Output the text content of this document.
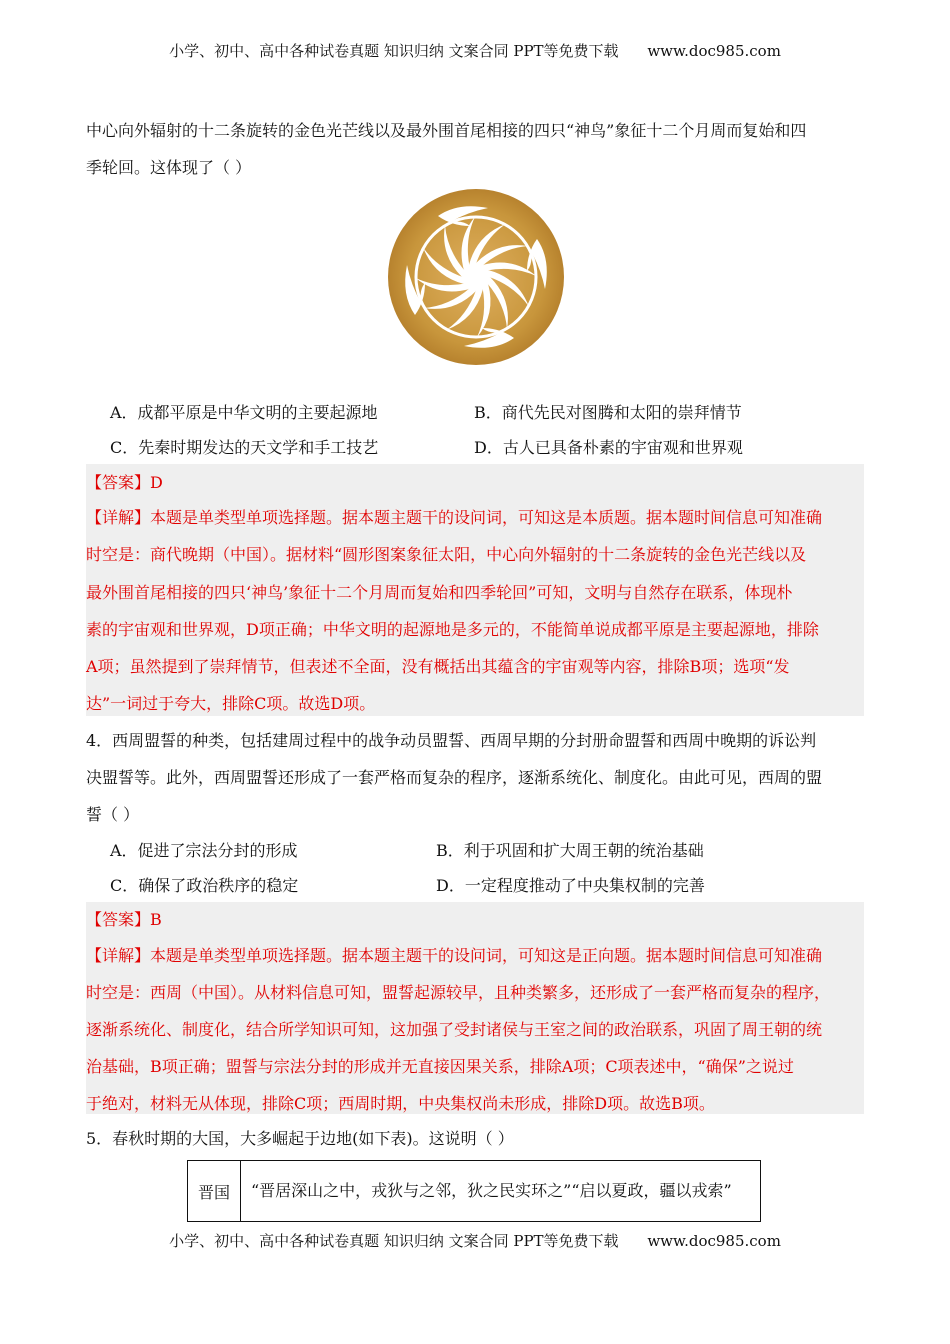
小学、初中、高中各种试卷真题 知识归纳 文案合同 PPT等免费下载 www.doc985.com
中心向外辐射的十二条旋转的金色光芒线以及最外围首尾相接的四只“神鸟”象征十二个月周而复始和四
季轮回。这体现了（ ）
A．成都平原是中华文明的主要起源地	B．商代先民对图腾和太阳的崇拜情节
C．先秦时期发达的天文学和手工技艺	D．古人已具备朴素的宇宙观和世界观
【答案】D
【详解】本题是单类型单项选择题。据本题主题干的设问词，可知这是本质题。据本题时间信息可知准确
时空是：商代晚期（中国）。据材料“圆形图案象征太阳，中心向外辐射的十二条旋转的金色光芒线以及
最外围首尾相接的四只‘神鸟’象征十二个月周而复始和四季轮回”可知，文明与自然存在联系，体现朴
素的宇宙观和世界观，D项正确；中华文明的起源地是多元的，不能简单说成都平原是主要起源地，排除
A项；虽然提到了崇拜情节，但表述不全面，没有概括出其蕴含的宇宙观等内容，排除B项；选项“发
达”一词过于夸大，排除C项。故选D项。
4．西周盟誓的种类，包括建周过程中的战争动员盟誓、西周早期的分封册命盟誓和西周中晚期的诉讼判
决盟誓等。此外，西周盟誓还形成了一套严格而复杂的程序，逐渐系统化、制度化。由此可见，西周的盟
誓（ ）
A．促进了宗法分封的形成	B．利于巩固和扩大周王朝的统治基础
C．确保了政治秩序的稳定	D．一定程度推动了中央集权制的完善
【答案】B
【详解】本题是单类型单项选择题。据本题主题干的设问词，可知这是正向题。据本题时间信息可知准确
时空是：西周（中国）。从材料信息可知，盟誓起源较早，且种类繁多，还形成了一套严格而复杂的程序，
逐渐系统化、制度化，结合所学知识可知，这加强了受封诸侯与王室之间的政治联系，巩固了周王朝的统
治基础，B项正确；盟誓与宗法分封的形成并无直接因果关系，排除A项；C项表述中，“确保”之说过
于绝对，材料无从体现，排除C项；西周时期，中央集权尚未形成，排除D项。故选B项。
5．春秋时期的大国，大多崛起于边地(如下表)。这说明（ ）
晋国	“晋居深山之中，戎狄与之邻，狄之民实环之”“启以夏政，疆以戎索”
小学、初中、高中各种试卷真题 知识归纳 文案合同 PPT等免费下载 www.doc985.com
